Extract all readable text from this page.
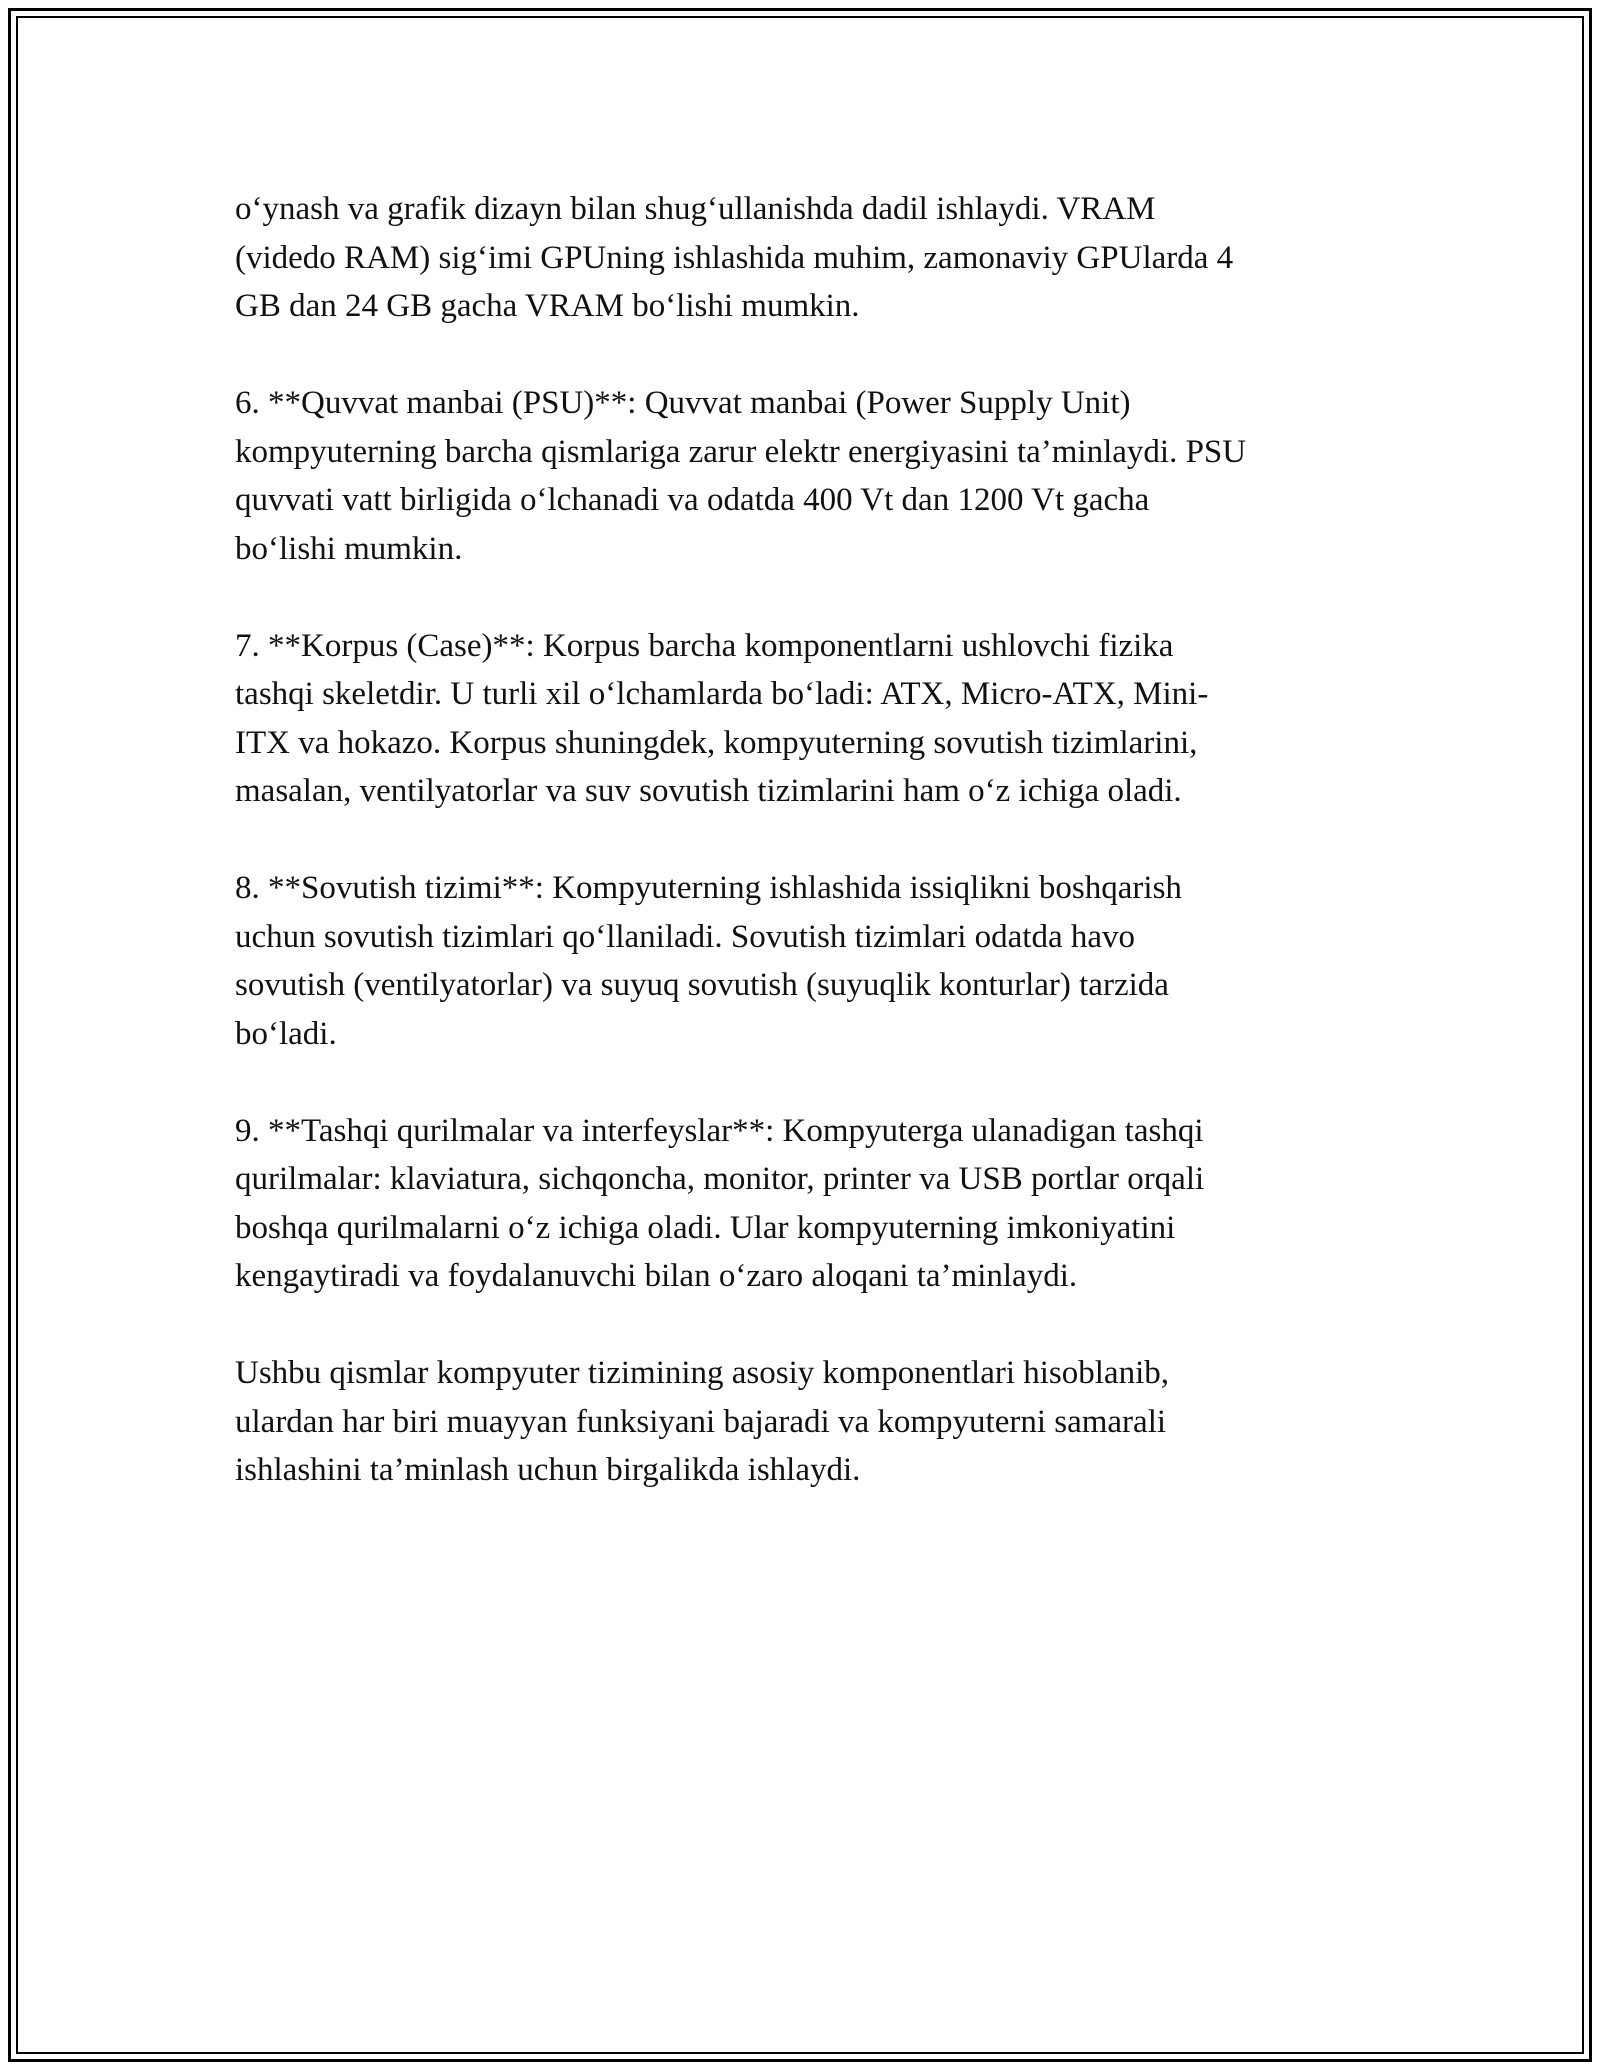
o‘ynash va grafik dizayn bilan shug‘ullanishda dadil ishlaydi. VRAM
(videdo RAM) sig‘imi GPUning ishlashida muhim, zamonaviy GPUlarda 4
GB dan 24 GB gacha VRAM bo‘lishi mumkin.

6. **Quvvat manbai (PSU)**: Quvvat manbai (Power Supply Unit)
kompyuterning barcha qismlariga zarur elektr energiyasini ta’minlaydi. PSU
quvvati vatt birligida o‘lchanadi va odatda 400 Vt dan 1200 Vt gacha
bo‘lishi mumkin.

7. **Korpus (Case)**: Korpus barcha komponentlarni ushlovchi fizika
tashqi skeletdir. U turli xil o‘lchamlarda bo‘ladi: ATX, Micro-ATX, Mini-
ITX va hokazo. Korpus shuningdek, kompyuterning sovutish tizimlarini,
masalan, ventilyatorlar va suv sovutish tizimlarini ham o‘z ichiga oladi.

8. **Sovutish tizimi**: Kompyuterning ishlashida issiqlikni boshqarish
uchun sovutish tizimlari qo‘llaniladi. Sovutish tizimlari odatda havo
sovutish (ventilyatorlar) va suyuq sovutish (suyuqlik konturlar) tarzida
bo‘ladi.

9. **Tashqi qurilmalar va interfeyslar**: Kompyuterga ulanadigan tashqi
qurilmalar: klaviatura, sichqoncha, monitor, printer va USB portlar orqali
boshqa qurilmalarni o‘z ichiga oladi. Ular kompyuterning imkoniyatini
kengaytiradi va foydalanuvchi bilan o‘zaro aloqani ta’minlaydi.

Ushbu qismlar kompyuter tizimining asosiy komponentlari hisoblanib,
ulardan har biri muayyan funksiyani bajaradi va kompyuterni samarali
ishlashini ta’minlash uchun birgalikda ishlaydi.
